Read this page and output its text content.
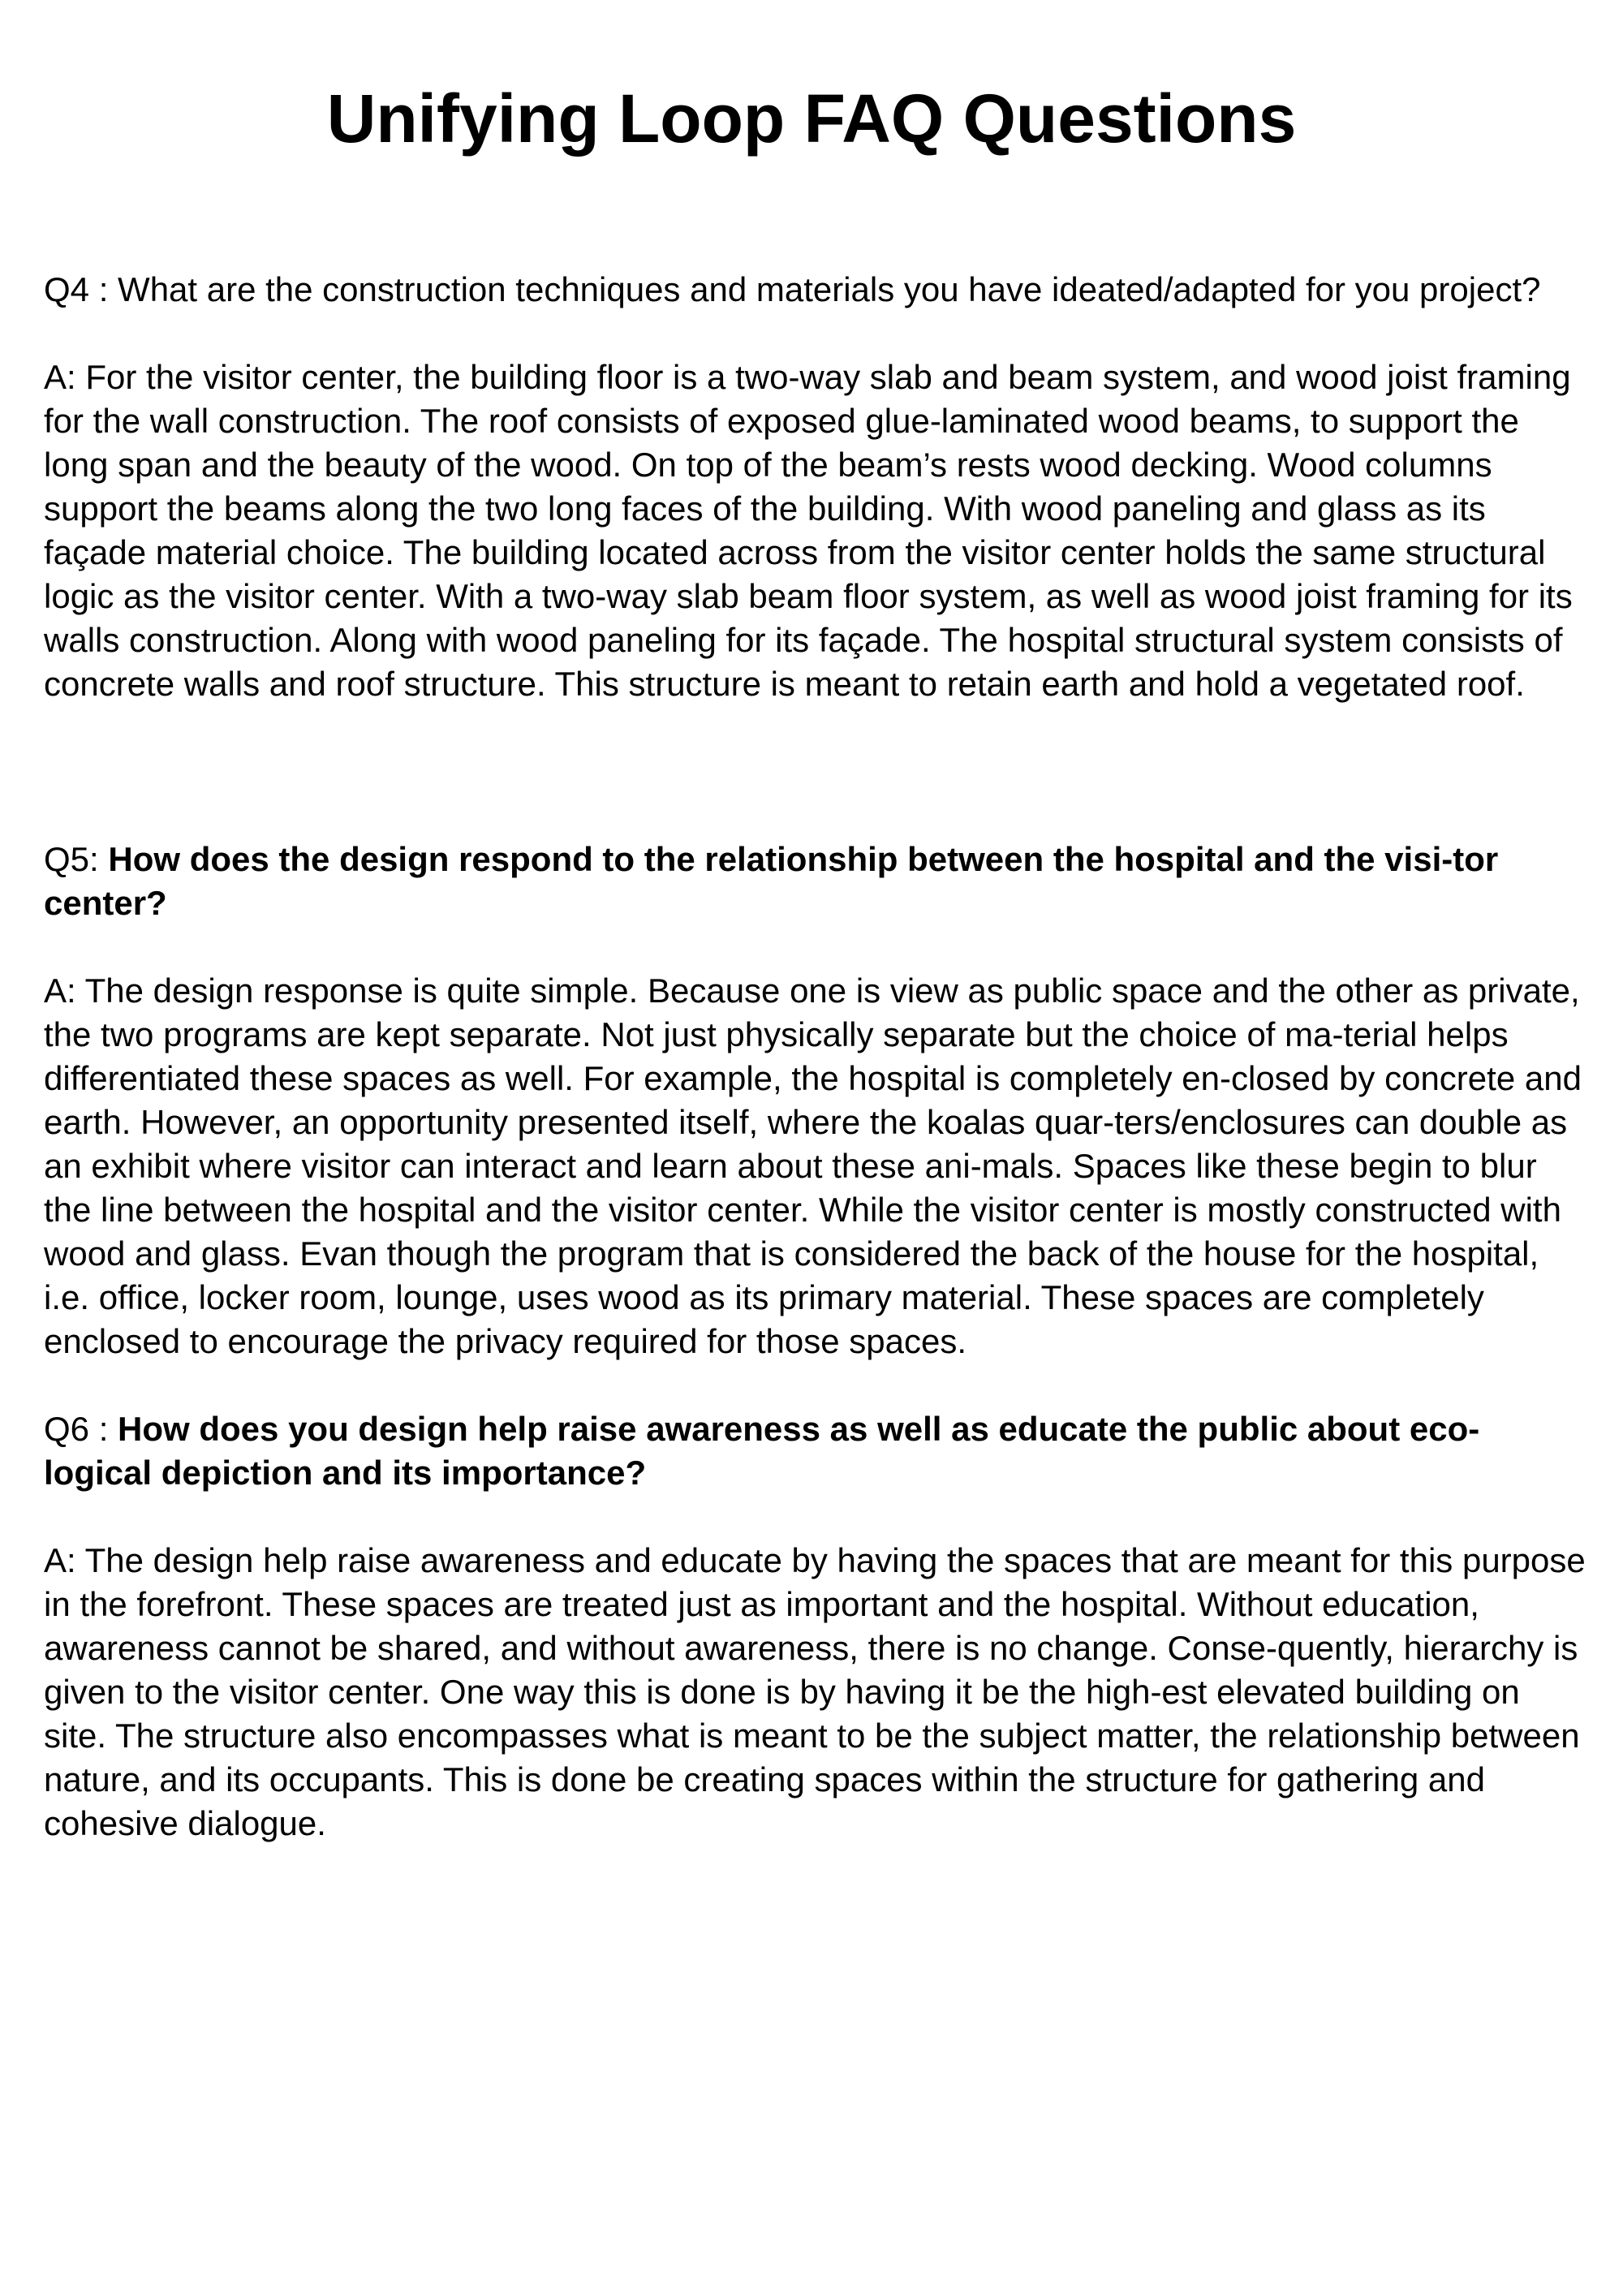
Unifying Loop FAQ Questions

Q4 : What are the construction techniques and materials you have ideated/adapted for you project?

A: For the visitor center, the building floor is a two-way slab and beam system, and wood joist framing for the wall construction. The roof consists of exposed glue-laminated wood beams, to support the long span and the beauty of the wood. On top of the beam’s rests wood decking. Wood columns support the beams along the two long faces of the building. With wood paneling and glass as its façade material choice. The building located across from the visitor center holds the same structural logic as the visitor center. With a two-way slab beam floor system, as well as wood joist framing for its walls construction. Along with wood paneling for its façade. The hospital structural system consists of concrete walls and roof structure. This structure is meant to retain earth and hold a vegetated roof.

Q5: How does the design respond to the relationship between the hospital and the visi-tor center?

A: The design response is quite simple. Because one is view as public space and the other as private, the two programs are kept separate. Not just physically separate but the choice of ma-terial helps differentiated these spaces as well. For example, the hospital is completely en-closed by concrete and earth. However, an opportunity presented itself, where the koalas quar-ters/enclosures can double as an exhibit where visitor can interact and learn about these ani-mals. Spaces like these begin to blur the line between the hospital and the visitor center. While the visitor center is mostly constructed with wood and glass. Evan though the program that is considered the back of the house for the hospital, i.e. office, locker room, lounge, uses wood as its primary material. These spaces are completely enclosed to encourage the privacy required for those spaces.

Q6 : How does you design help raise awareness as well as educate the public about eco-logical depiction and its importance?

A: The design help raise awareness and educate by having the spaces that are meant for this purpose in the forefront. These spaces are treated just as important and the hospital. Without education, awareness cannot be shared, and without awareness, there is no change. Conse-quently, hierarchy is given to the visitor center. One way this is done is by having it be the high-est elevated building on site. The structure also encompasses what is meant to be the subject matter, the relationship between nature, and its occupants. This is done be creating spaces within the structure for gathering and cohesive dialogue.
